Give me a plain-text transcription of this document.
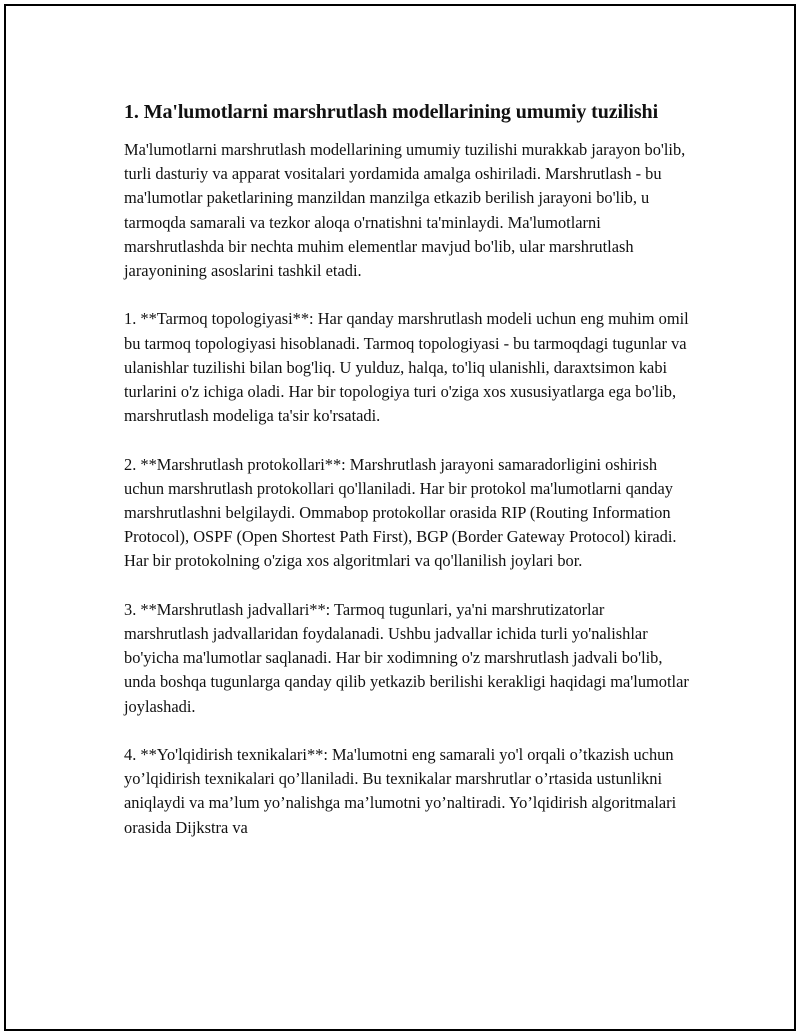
1. Ma'lumotlarni marshrutlash modellarining umumiy tuzilishi

Ma'lumotlarni marshrutlash modellarining umumiy tuzilishi murakkab jarayon bo'lib, turli dasturiy va apparat vositalari yordamida amalga oshiriladi. Marshrutlash - bu ma'lumotlar paketlarining manzildan manzilga etkazib berilish jarayoni bo'lib, u tarmoqda samarali va tezkor aloqa o'rnatishni ta'minlaydi. Ma'lumotlarni marshrutlashda bir nechta muhim elementlar mavjud bo'lib, ular marshrutlash jarayonining asoslarini tashkil etadi.

1. **Tarmoq topologiyasi**: Har qanday marshrutlash modeli uchun eng muhim omil bu tarmoq topologiyasi hisoblanadi. Tarmoq topologiyasi - bu tarmoqdagi tugunlar va ulanishlar tuzilishi bilan bog'liq. U yulduz, halqa, to'liq ulanishli, daraxtsimon kabi turlarini o'z ichiga oladi. Har bir topologiya turi o'ziga xos xususiyatlarga ega bo'lib, marshrutlash modeliga ta'sir ko'rsatadi.

2. **Marshrutlash protokollari**: Marshrutlash jarayoni samaradorligini oshirish uchun marshrutlash protokollari qo'llaniladi. Har bir protokol ma'lumotlarni qanday marshrutlashni belgilaydi. Ommabop protokollar orasida RIP (Routing Information Protocol), OSPF (Open Shortest Path First), BGP (Border Gateway Protocol) kiradi. Har bir protokolning o'ziga xos algoritmlari va qo'llanilish joylari bor.

3. **Marshrutlash jadvallari**: Tarmoq tugunlari, ya'ni marshrutizatorlar marshrutlash jadvallaridan foydalanadi. Ushbu jadvallar ichida turli yo'nalishlar bo'yicha ma'lumotlar saqlanadi. Har bir xodimning o'z marshrutlash jadvali bo'lib, unda boshqa tugunlarga qanday qilib yetkazib berilishi kerakligi haqidagi ma'lumotlar joylashadi.

4. **Yo'lqidirish texnikalari**: Ma'lumotni eng samarali yo'l orqali o’tkazish uchun yo’lqidirish texnikalari qo’llaniladi. Bu texnikalar marshrutlar o’rtasida ustunlikni aniqlaydi va ma’lum yo’nalishga ma’lumotni yo’naltiradi. Yo’lqidirish algoritmalari orasida Dijkstra va
